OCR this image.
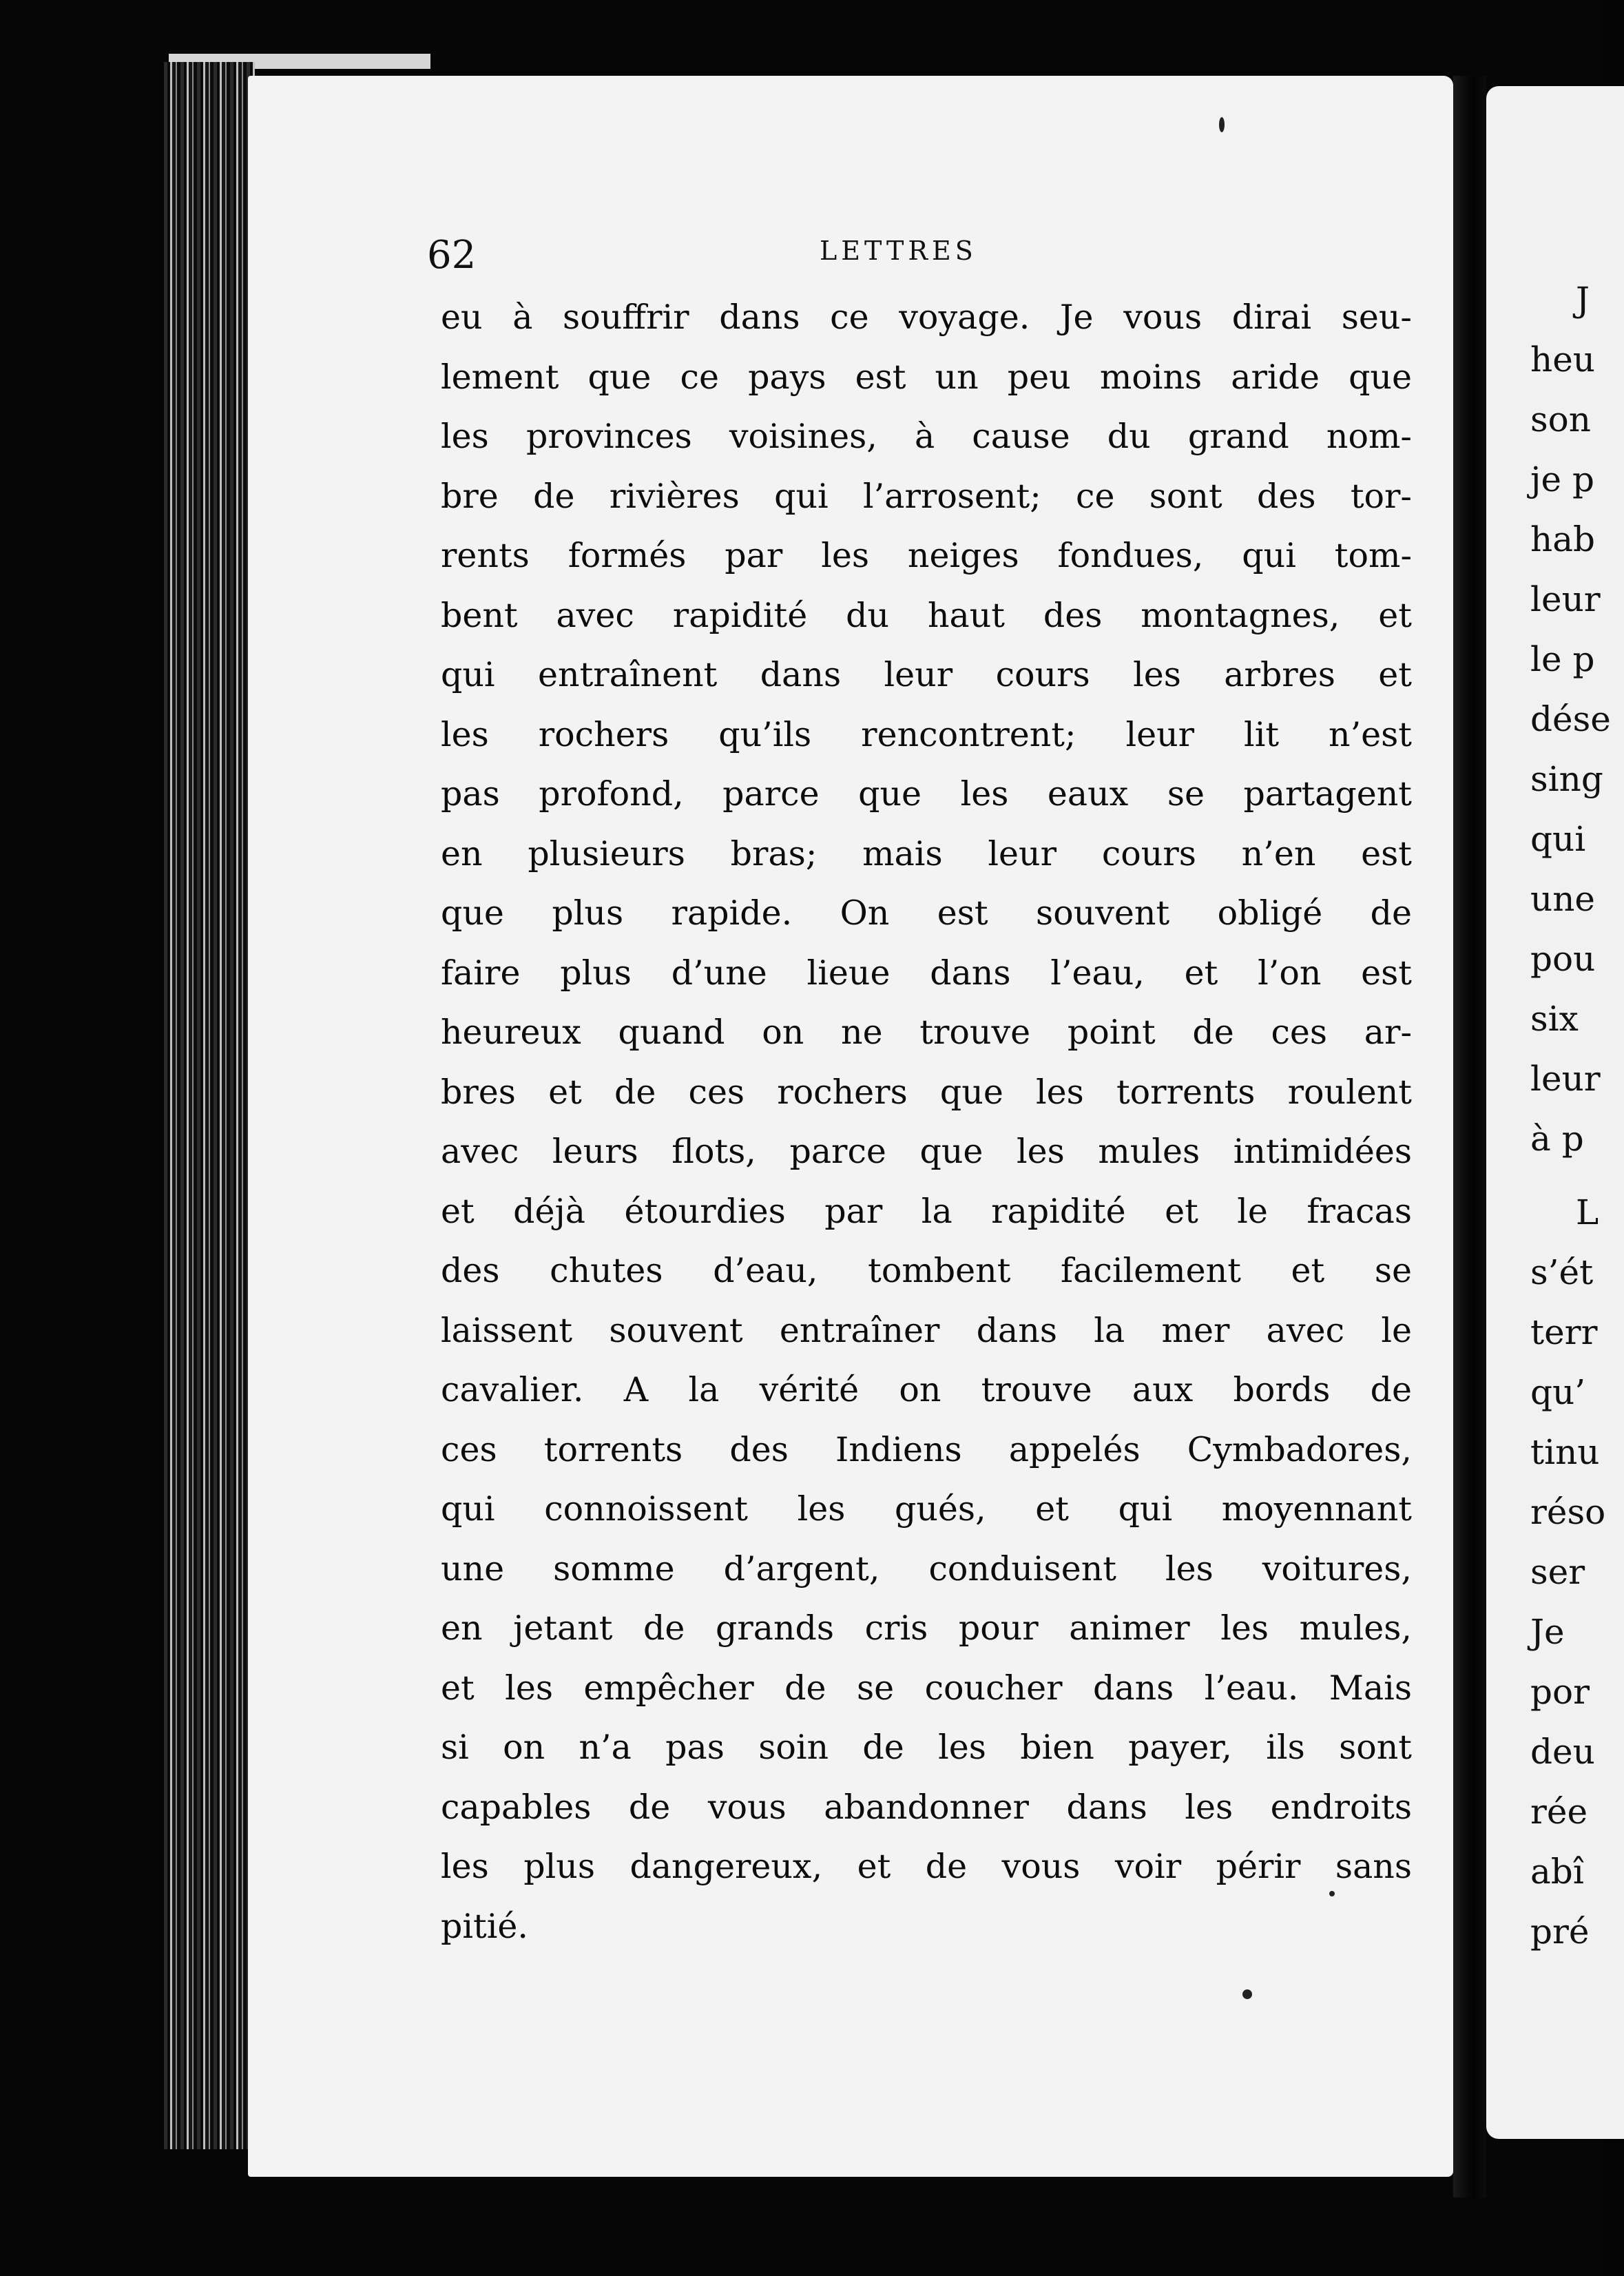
62	LETTRES
eu à souffrir dans ce voyage. Je vous dirai seu-
lement que ce pays est un peu moins aride que
les provinces voisines, à cause du grand nom-
bre de rivières qui l’arrosent; ce sont des tor-
rents formés par les neiges fondues, qui tom-
bent avec rapidité du haut des montagnes, et
qui entraînent dans leur cours les arbres et
les rochers qu’ils rencontrent; leur lit n’est
pas profond, parce que les eaux se partagent
en plusieurs bras; mais leur cours n’en est
que plus rapide. On est souvent obligé de
faire plus d’une lieue dans l’eau, et l’on est
heureux quand on ne trouve point de ces ar-
bres et de ces rochers que les torrents roulent
avec leurs flots, parce que les mules intimidées
et déjà étourdies par la rapidité et le fracas
des chutes d’eau, tombent facilement et se
laissent souvent entraîner dans la mer avec le
cavalier. A la vérité on trouve aux bords de
ces torrents des Indiens appelés Cymbadores,
qui connoissent les gués, et qui moyennant
une somme d’argent, conduisent les voitures,
en jetant de grands cris pour animer les mules,
et les empêcher de se coucher dans l’eau. Mais
si on n’a pas soin de les bien payer, ils sont
capables de vous abandonner dans les endroits
les plus dangereux, et de vous voir périr sans
pitié.
J
heu
son
je p
hab
leur
le p
dése
sing
qui
une
pou
six
leur
à p
L
s’ét
terr
qu’
tinu
réso
ser
Je
por
deu
rée
abî
pré
